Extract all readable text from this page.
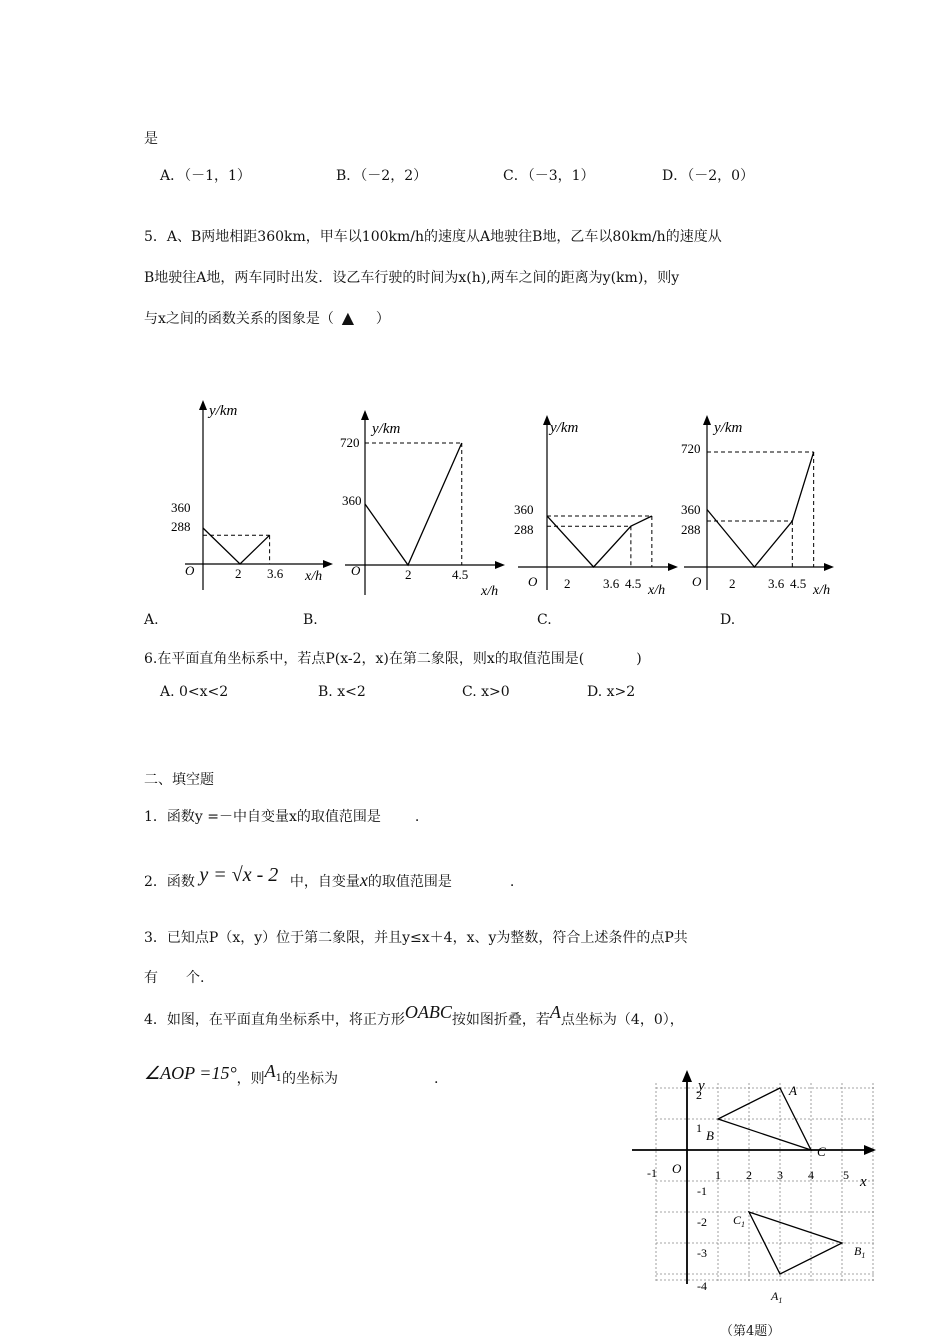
是
A．（－1，1）	B．（－2，2）	C．（－3，1）	D．（－2，0）
5．A、B两地相距360km，甲车以100km/h的速度从A地驶往B地，乙车以80km/h的速度从
B地驶往A地，两车同时出发．设乙车行驶的时间为x(h),两车之间的距离为y(km)，则y
与x之间的函数关系的图象是（ ▲ ）
y/km
x/h
O	2 3.6
360
288
A.
y/km
x/h
O	2	4.5
720
360
B.
y/km
x/h
O 2	3.6 4.5
360
288
C.
y/km
x/h
O 2	3.6 4.5
720
360
288
D.
6.在平面直角坐标系中，若点P(x-2，x)在第二象限，则x的取值范围是(	)
A. 0<x<2	B. x<2	C. x>0	D. x>2
二、填空题
1．函数y =－中自变量x的取值范围是 .
2．函数 y = √x - 2 中，自变量x的取值范围是	.
3．已知点P（x，y）位于第二象限，并且y≤x＋4，x、y为整数，符合上述条件的点P共
有　　个.
4．如图，在平面直角坐标系中，将正方形OABC按如图折叠，若A点坐标为（4，0），
∠AOP =15°，则A1的坐标为	.	y
x
O
-1	1 2 3 4 5
2
1
-1
-2
-3
-4
A
B
C
$C_1$
$B_1$
$A_1$
（第4题）
